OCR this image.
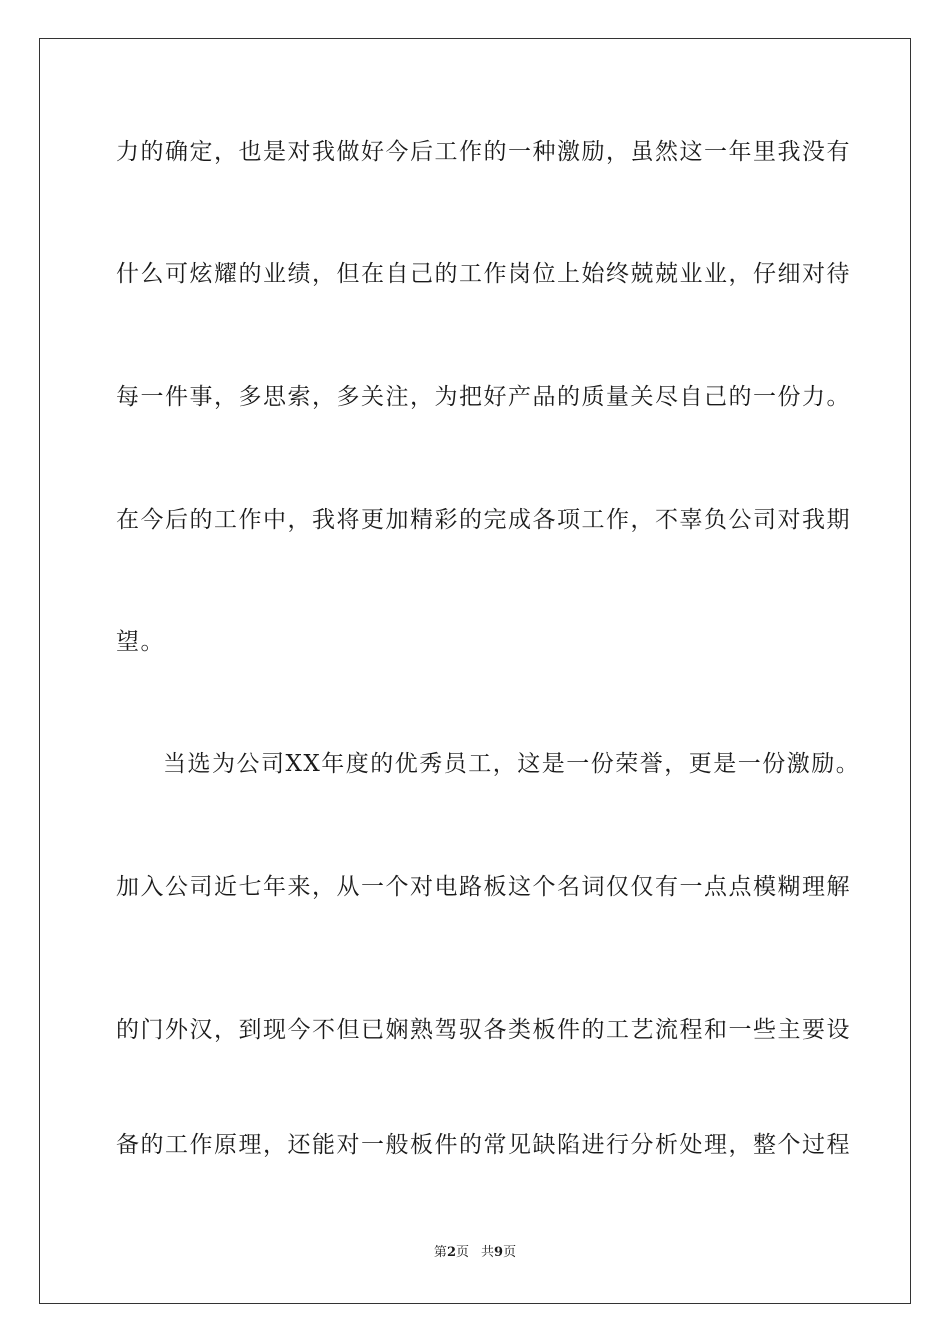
力的确定，也是对我做好今后工作的一种激励，虽然这一年里我没有
什么可炫耀的业绩，但在自己的工作岗位上始终兢兢业业，仔细对待
每一件事，多思索，多关注，为把好产品的质量关尽自己的一份力。
在今后的工作中，我将更加精彩的完成各项工作，不辜负公司对我期
望。
当选为公司XX年度的优秀员工，这是一份荣誉，更是一份激励。
加入公司近七年来，从一个对电路板这个名词仅仅有一点点模糊理解
的门外汉，到现今不但已娴熟驾驭各类板件的工艺流程和一些主要设
备的工作原理，还能对一般板件的常见缺陷进行分析处理，整个过程
第2页 共9页
